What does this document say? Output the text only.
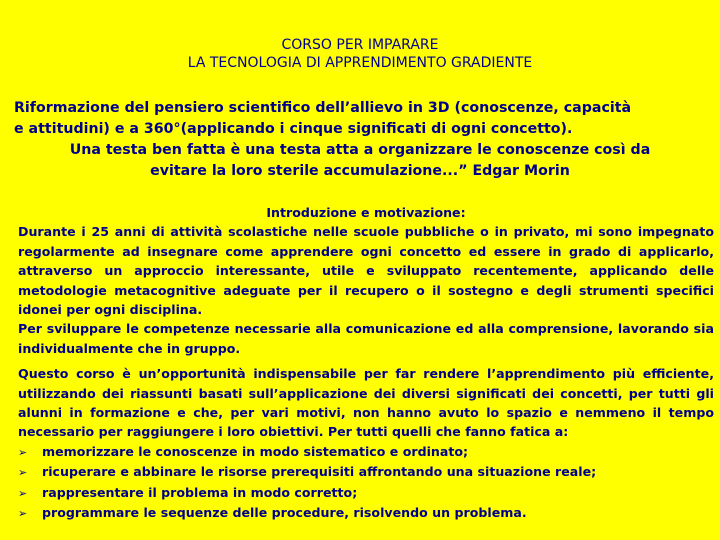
CORSO PER IMPARARE
LA TECNOLOGIA DI APPRENDIMENTO GRADIENTE
Riformazione del pensiero scientifico dell’allievo in 3D (conoscenze, capacità
e attitudini) e a 360°(applicando i cinque significati di ogni concetto).
Una testa ben fatta è una testa atta a organizzare le conoscenze così da
evitare la loro sterile accumulazione...” Edgar Morin
Introduzione e motivazione:
Durante i 25 anni di attività scolastiche nelle scuole pubbliche o in privato, mi sono impegnato regolarmente ad insegnare come apprendere ogni concetto ed essere in grado di applicarlo, attraverso un approccio interessante, utile e sviluppato recentemente, applicando delle metodologie metacognitive adeguate per il recupero o il sostegno e degli strumenti specifici idonei per ogni disciplina.
Per sviluppare le competenze necessarie alla comunicazione ed alla comprensione, lavorando sia individualmente che in gruppo.
Questo corso è un’opportunità indispensabile per far rendere l’apprendimento più efficiente, utilizzando dei riassunti basati sull’applicazione dei diversi significati dei concetti, per tutti gli alunni in formazione e che, per vari motivi, non hanno avuto lo spazio e nemmeno il tempo necessario per raggiungere i loro obiettivi. Per tutti quelli che fanno fatica a:
➢	memorizzare le conoscenze in modo sistematico e ordinato;
➢	ricuperare e abbinare le risorse prerequisiti affrontando una situazione reale;
➢	rappresentare il problema in modo corretto;
➢	programmare le sequenze delle procedure, risolvendo un problema.
